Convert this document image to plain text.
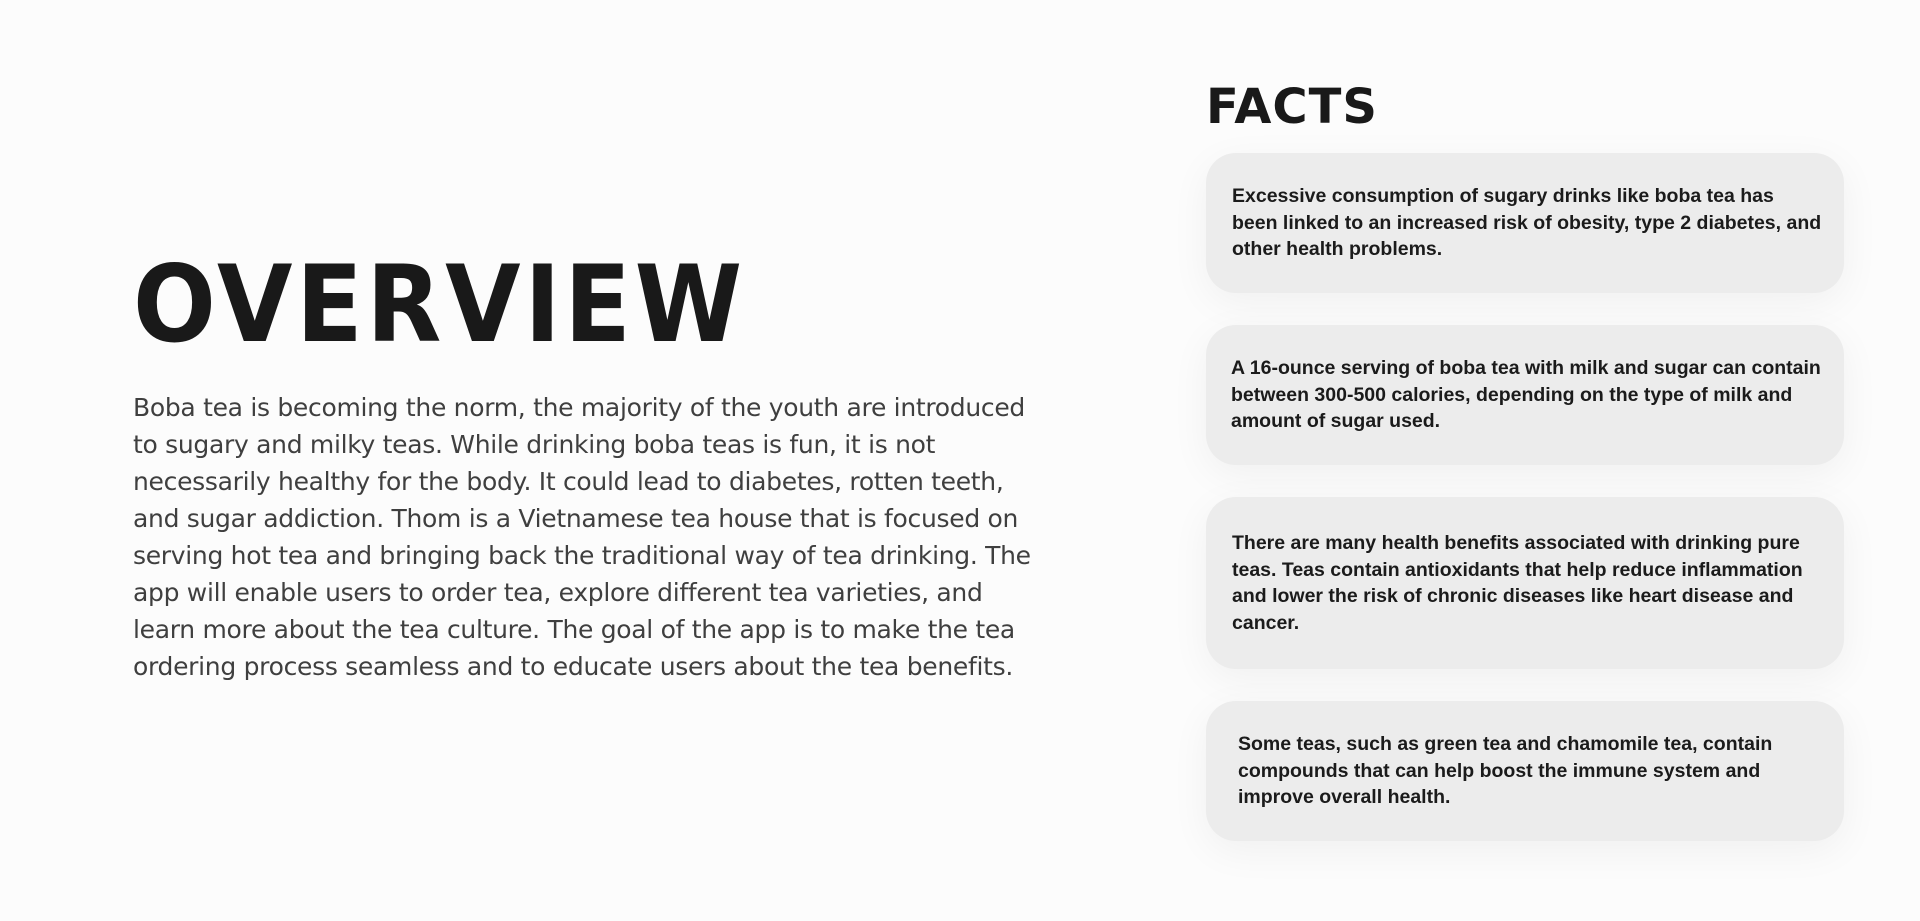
OVERVIEW

Boba tea is becoming the norm, the majority of the youth are introduced to sugary and milky teas. While drinking boba teas is fun, it is not necessarily healthy for the body. It could lead to diabetes, rotten teeth, and sugar addiction. Thom is a Vietnamese tea house that is focused on serving hot tea and bringing back the traditional way of tea drinking. The app will enable users to order tea, explore different tea varieties, and learn more about the tea culture. The goal of the app is to make the tea ordering process seamless and to educate users about the tea benefits.

FACTS

Excessive consumption of sugary drinks like boba tea has been linked to an increased risk of obesity, type 2 diabetes, and other health problems.

A 16-ounce serving of boba tea with milk and sugar can contain between 300-500 calories, depending on the type of milk and amount of sugar used.

There are many health benefits associated with drinking pure teas. Teas contain antioxidants that help reduce inflammation and lower the risk of chronic diseases like heart disease and cancer.

Some teas, such as green tea and chamomile tea, contain compounds that can help boost the immune system and improve overall health.
